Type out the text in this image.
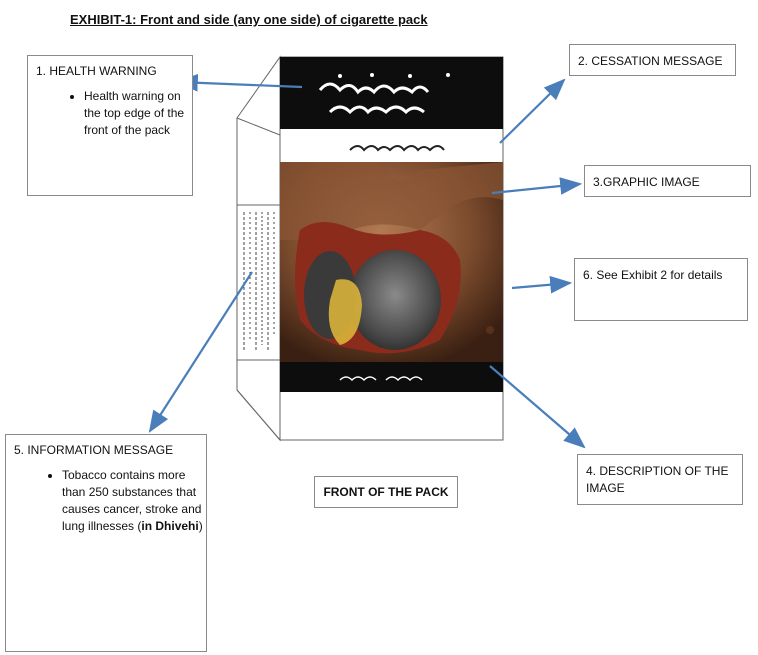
EXHIBIT-1: Front and side (any one side) of cigarette pack
1. HEALTH WARNING
• Health warning on the top edge of the front of the pack
2. CESSATION MESSAGE
3.GRAPHIC IMAGE
6. See Exhibit 2 for details
4. DESCRIPTION OF THE IMAGE
5. INFORMATION MESSAGE
• Tobacco contains more than 250 substances that causes cancer, stroke and lung illnesses (in Dhivehi)
FRONT OF THE PACK
